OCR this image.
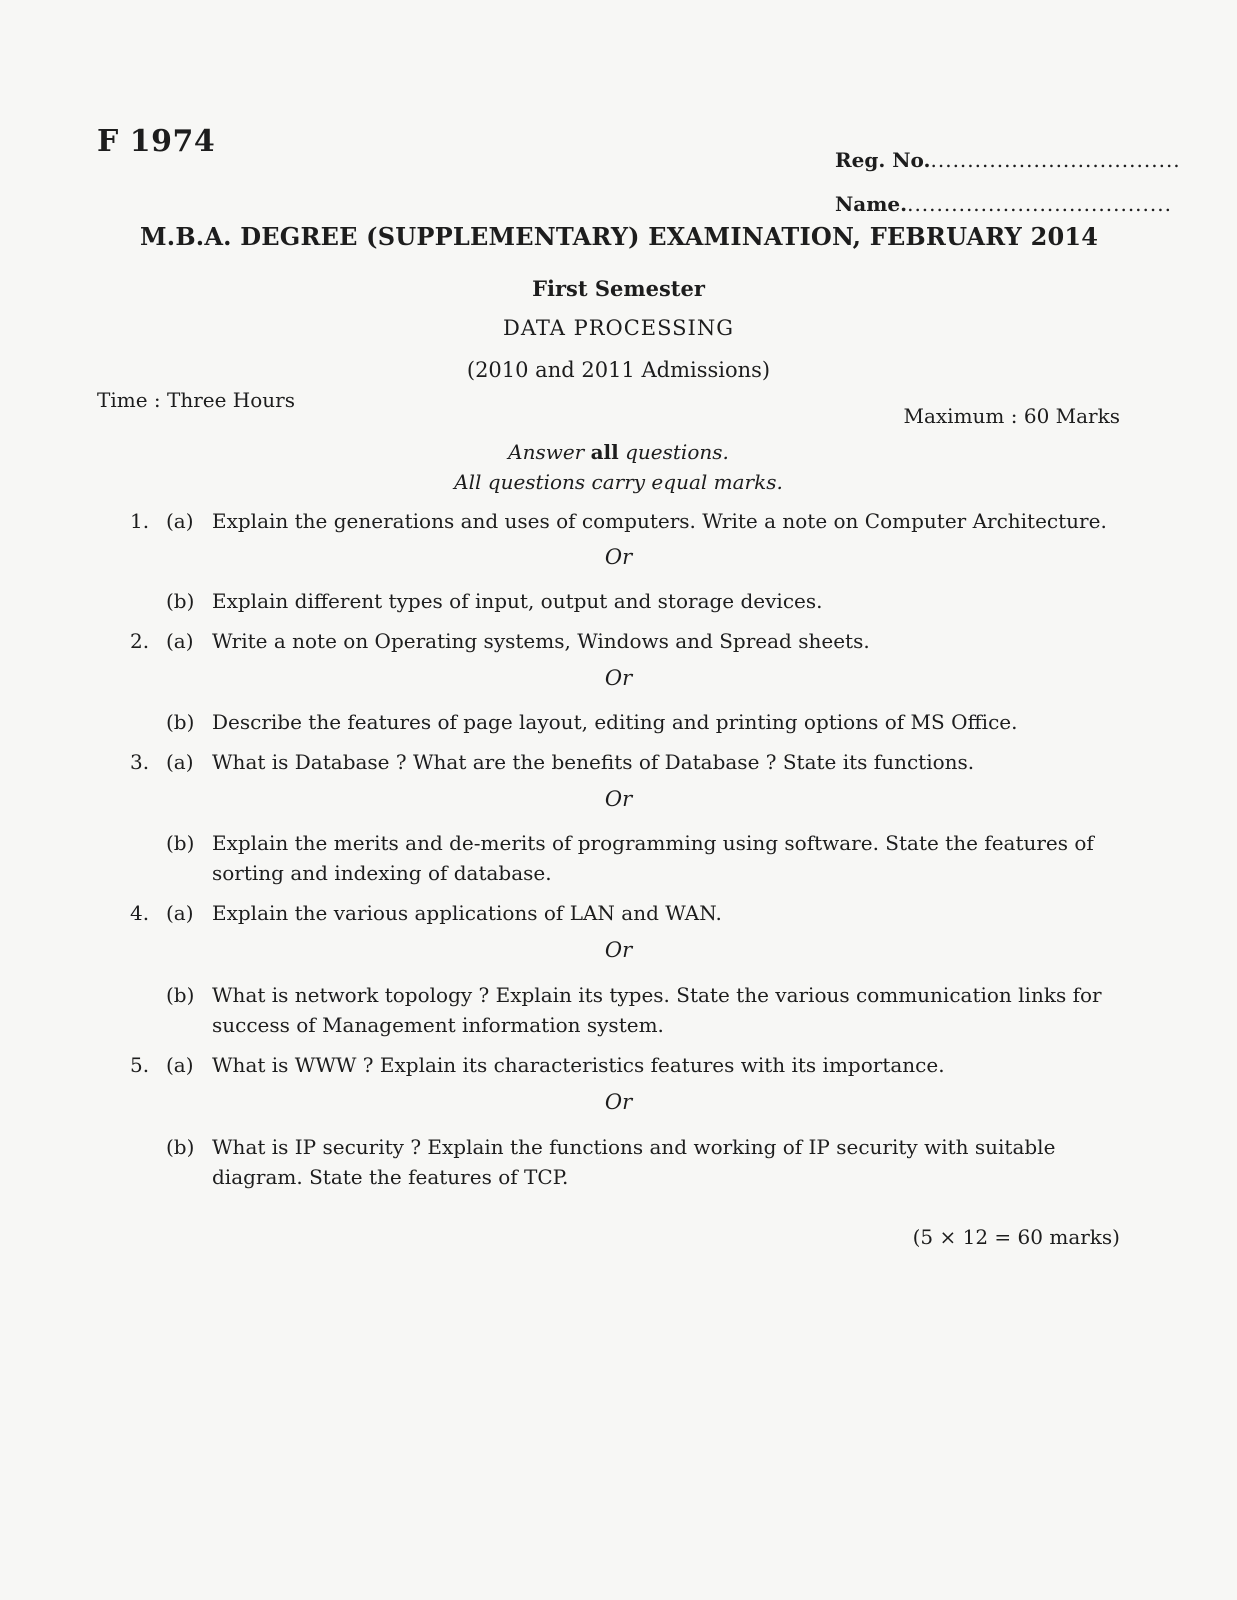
F 1974
Reg. No...................................
Name.....................................
M.B.A. DEGREE (SUPPLEMENTARY) EXAMINATION, FEBRUARY 2014
First Semester
DATA PROCESSING
(2010 and 2011 Admissions)
Time : Three Hours
Maximum : 60 Marks
Answer all questions.
All questions carry equal marks.
1. (a) Explain the generations and uses of computers. Write a note on Computer Architecture.
Or
(b) Explain different types of input, output and storage devices.
2. (a) Write a note on Operating systems, Windows and Spread sheets.
Or
(b) Describe the features of page layout, editing and printing options of MS Office.
3. (a) What is Database ? What are the benefits of Database ? State its functions.
Or
(b) Explain the merits and de-merits of programming using software. State the features of sorting and indexing of database.
4. (a) Explain the various applications of LAN and WAN.
Or
(b) What is network topology ? Explain its types. State the various communication links for success of Management information system.
5. (a) What is WWW ? Explain its characteristics features with its importance.
Or
(b) What is IP security ? Explain the functions and working of IP security with suitable diagram. State the features of TCP.
(5 × 12 = 60 marks)
